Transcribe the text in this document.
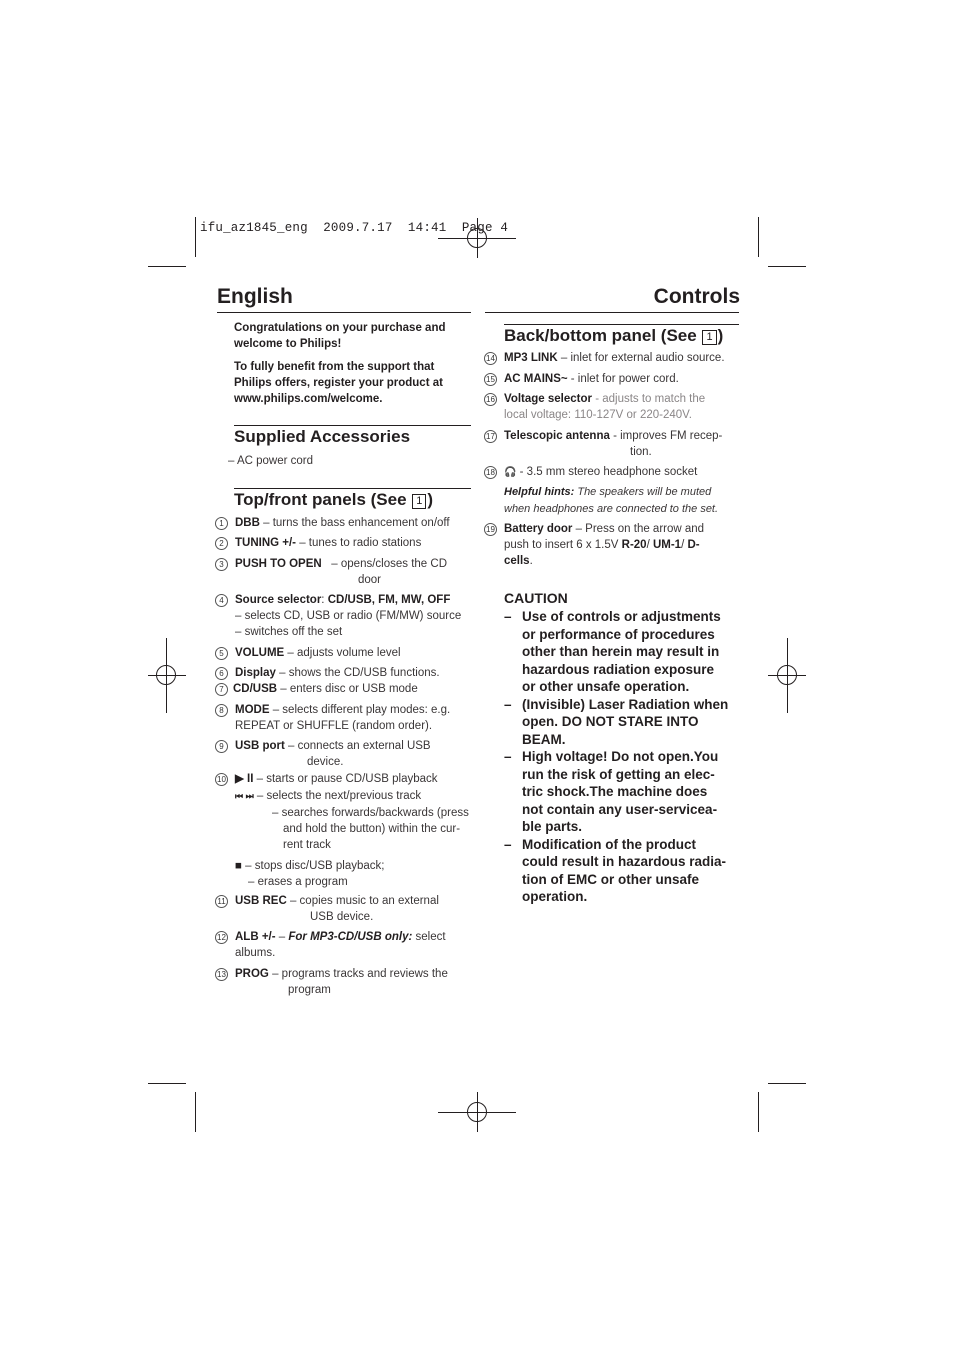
ifu_az1845_eng  2009.7.17  14:41  Page 4
English	Controls
Congratulations on your purchase and welcome to Philips!
To fully benefit from the support that Philips offers, register your product at www.philips.com/welcome.
Supplied Accessories
– AC power cord
Top/front panels (See 1 )
1 DBB – turns the bass enhancement on/off
2 TUNING +/- – tunes to radio stations
3 PUSH TO OPEN – opens/closes the CD
door
4 Source selector: CD/USB, FM, MW, OFF
– selects CD, USB or radio (FM/MW) source
– switches off the set
5 VOLUME – adjusts volume level
6 Display – shows the CD/USB functions.
7 CD/USB – enters disc or USB mode
8 MODE – selects different play modes: e.g.
REPEAT or SHUFFLE (random order).
9 USB port – connects an external USB
device.
10 ▶ II – starts or pause CD/USB playback
⏮ ⏭ – selects the next/previous track
– searches forwards/backwards (press
and hold the button) within the cur-
rent track
■ – stops disc/USB playback;
– erases a program
11 USB REC – copies music to an external
USB device.
12 ALB +/- – For MP3-CD/USB only: select
albums.
13 PROG – programs tracks and reviews the
program
Back/bottom panel (See 1 )
14 MP3 LINK – inlet for external audio source.
15 AC MAINS~ - inlet for power cord.
16 Voltage selector - adjusts to match the
local voltage: 110-127V or 220-240V.
17 Telescopic antenna - improves FM recep-
tion.
18 🎧 - 3.5 mm stereo headphone socket
Helpful hints: The speakers will be muted
when headphones are connected to the set.
19 Battery door – Press on the arrow and
push to insert 6 x 1.5V R-20/ UM-1/ D-
cells.
CAUTION
– Use of controls or adjustments
or performance of procedures
other than herein may result in
hazardous radiation exposure
or other unsafe operation.
– (Invisible) Laser Radiation when
open. DO NOT STARE INTO
BEAM.
– High voltage! Do not open.You
run the risk of getting an elec-
tric shock.The machine does
not contain any user-servicea-
ble parts.
– Modification of the product
could result in hazardous radia-
tion of EMC or other unsafe
operation.
